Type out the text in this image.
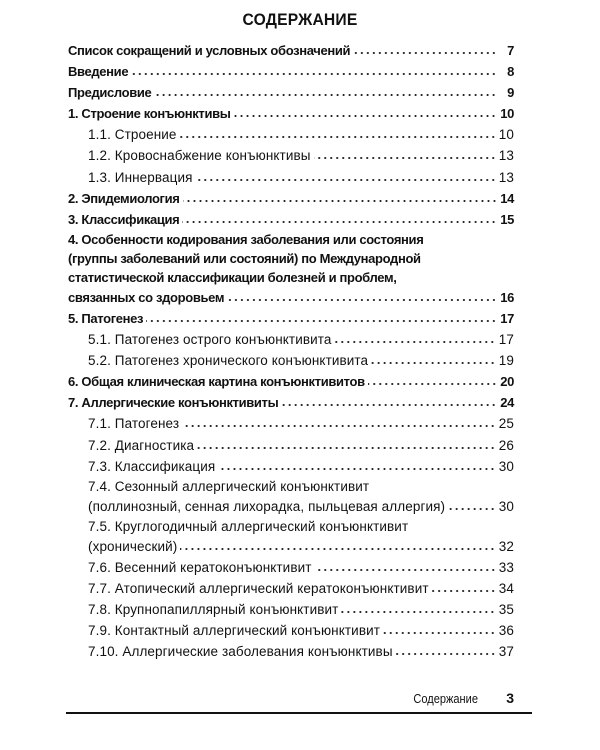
СОДЕРЖАНИЕ
Список сокращений и условных обозначений	7
Введение	8
Предисловие	9
1. Строение конъюнктивы	10
1.1. Строение	10
1.2. Кровоснабжение конъюнктивы	13
1.3. Иннервация	13
2. Эпидемиология	14
3. Классификация	15
4. Особенности кодирования заболевания или состояния
(группы заболеваний или состояний) по Международной
статистической классификации болезней и проблем,
связанных со здоровьем	16
5. Патогенез	17
5.1. Патогенез острого конъюнктивита	17
5.2. Патогенез хронического конъюнктивита	19
6. Общая клиническая картина конъюнктивитов	20
7. Аллергические конъюнктивиты	24
7.1. Патогенез	25
7.2. Диагностика	26
7.3. Классификация	30
7.4. Сезонный аллергический конъюнктивит
(поллинозный, сенная лихорадка, пыльцевая аллергия)	30
7.5. Круглогодичный аллергический конъюнктивит
(хронический)	32
7.6. Весенний кератоконъюнктивит	33
7.7. Атопический аллергический кератоконъюнктивит	34
7.8. Крупнопапиллярный конъюнктивит	35
7.9. Контактный аллергический конъюнктивит	36
7.10. Аллергические заболевания конъюнктивы	37
Содержание 3
